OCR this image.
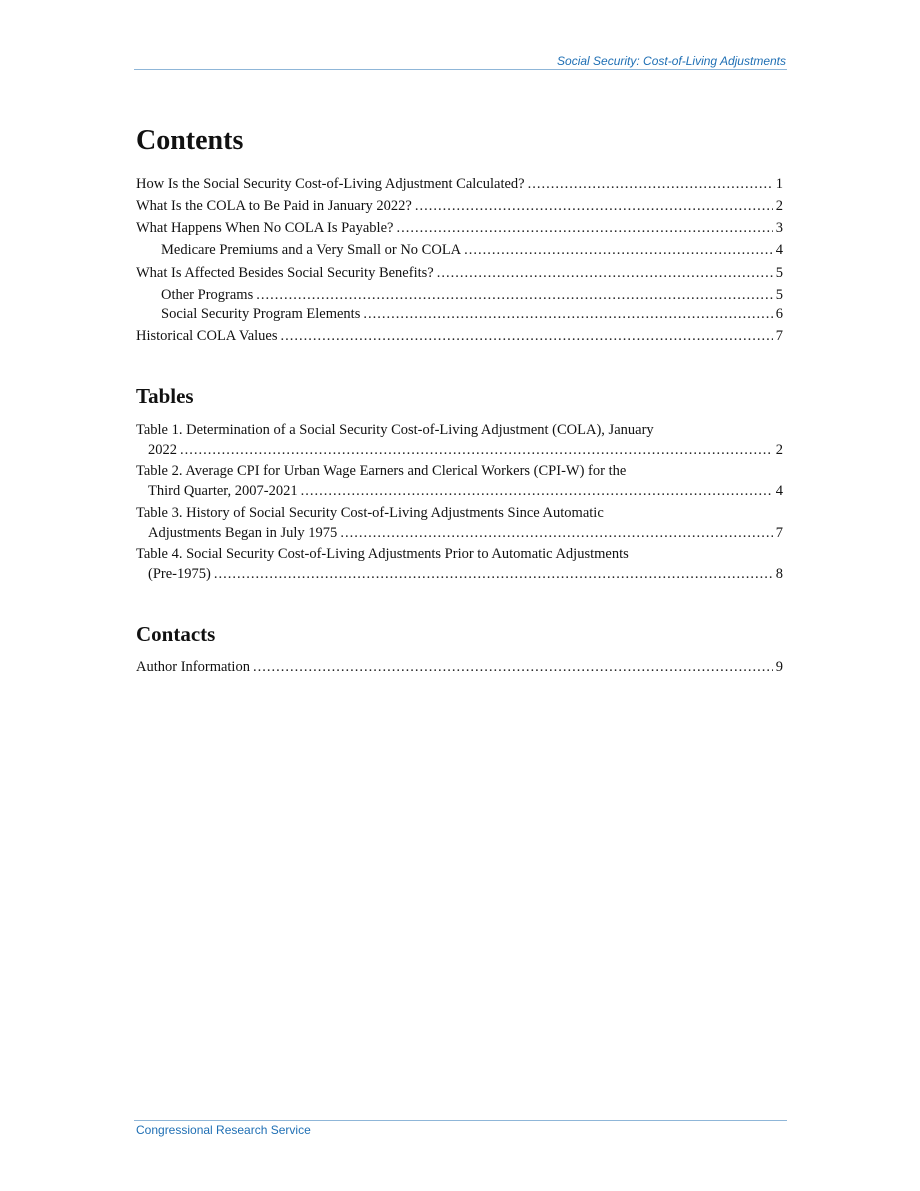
Social Security: Cost-of-Living Adjustments
Contents
How Is the Social Security Cost-of-Living Adjustment Calculated? .....	1
What Is the COLA to Be Paid in January 2022? .....	2
What Happens When No COLA Is Payable? .....	3
Medicare Premiums and a Very Small or No COLA .....	4
What Is Affected Besides Social Security Benefits? .....	5
Other Programs .....	5
Social Security Program Elements .....	6
Historical COLA Values .....	7
Tables
Table 1. Determination of a Social Security Cost-of-Living Adjustment (COLA), January
2022 .....	2
Table 2. Average CPI for Urban Wage Earners and Clerical Workers (CPI-W) for the
Third Quarter, 2007-2021 .....	4
Table 3. History of Social Security Cost-of-Living Adjustments Since Automatic
Adjustments Began in July 1975 .....	7
Table 4. Social Security Cost-of-Living Adjustments Prior to Automatic Adjustments
(Pre-1975) .....	8
Contacts
Author Information .....	9
Congressional Research Service
